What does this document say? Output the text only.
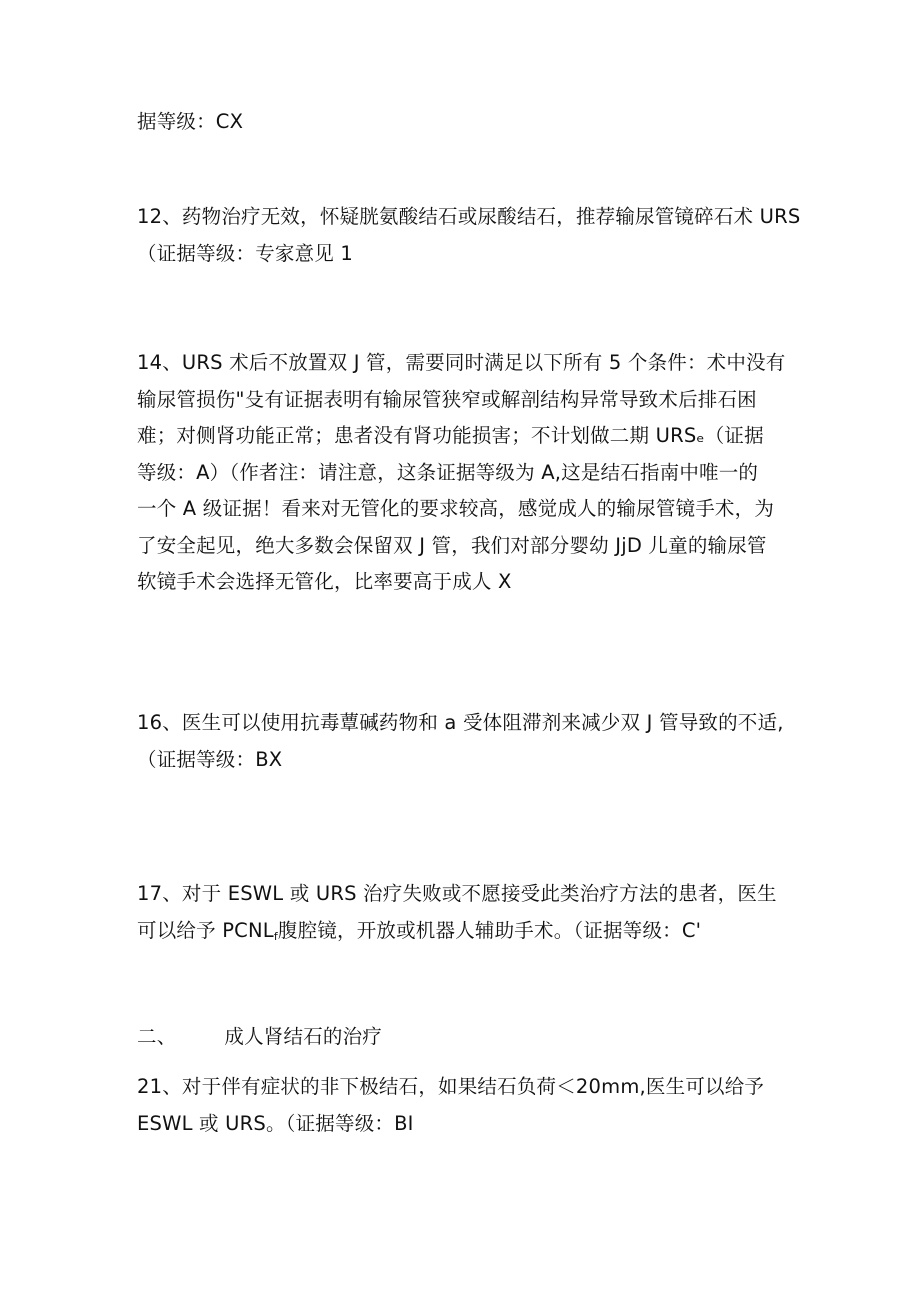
据等级：CX

12、药物治疗无效，怀疑胱氨酸结石或尿酸结石，推荐输尿管镜碎石术 URS
（证据等级：专家意见 1

14、URS 术后不放置双 J 管，需要同时满足以下所有 5 个条件：术中没有
输尿管损伤"殳有证据表明有输尿管狭窄或解剖结构异常导致术后排石困
难；对侧肾功能正常；患者没有肾功能损害；不计划做二期 URSₑ（证据
等级：A）（作者注：请注意，这条证据等级为 A,这是结石指南中唯一的
一个 A 级证据！看来对无管化的要求较高，感觉成人的输尿管镜手术，为
了安全起见，绝大多数会保留双 J 管，我们对部分婴幼 JjD 儿童的输尿管
软镜手术会选择无管化，比率要高于成人 X

16、医生可以使用抗毒蕈碱药物和 a 受体阻滞剂来减少双 J 管导致的不适,
（证据等级：BX

17、对于 ESWL 或 URS 治疗失败或不愿接受此类治疗方法的患者，医生
可以给予 $PCNL_f$腹腔镜，开放或机器人辅助手术。（证据等级：C'

二、 成人肾结石的治疗

21、对于伴有症状的非下极结石，如果结石负荷＜20mm,医生可以给予
ESWL 或 URS。（证据等级：BI
